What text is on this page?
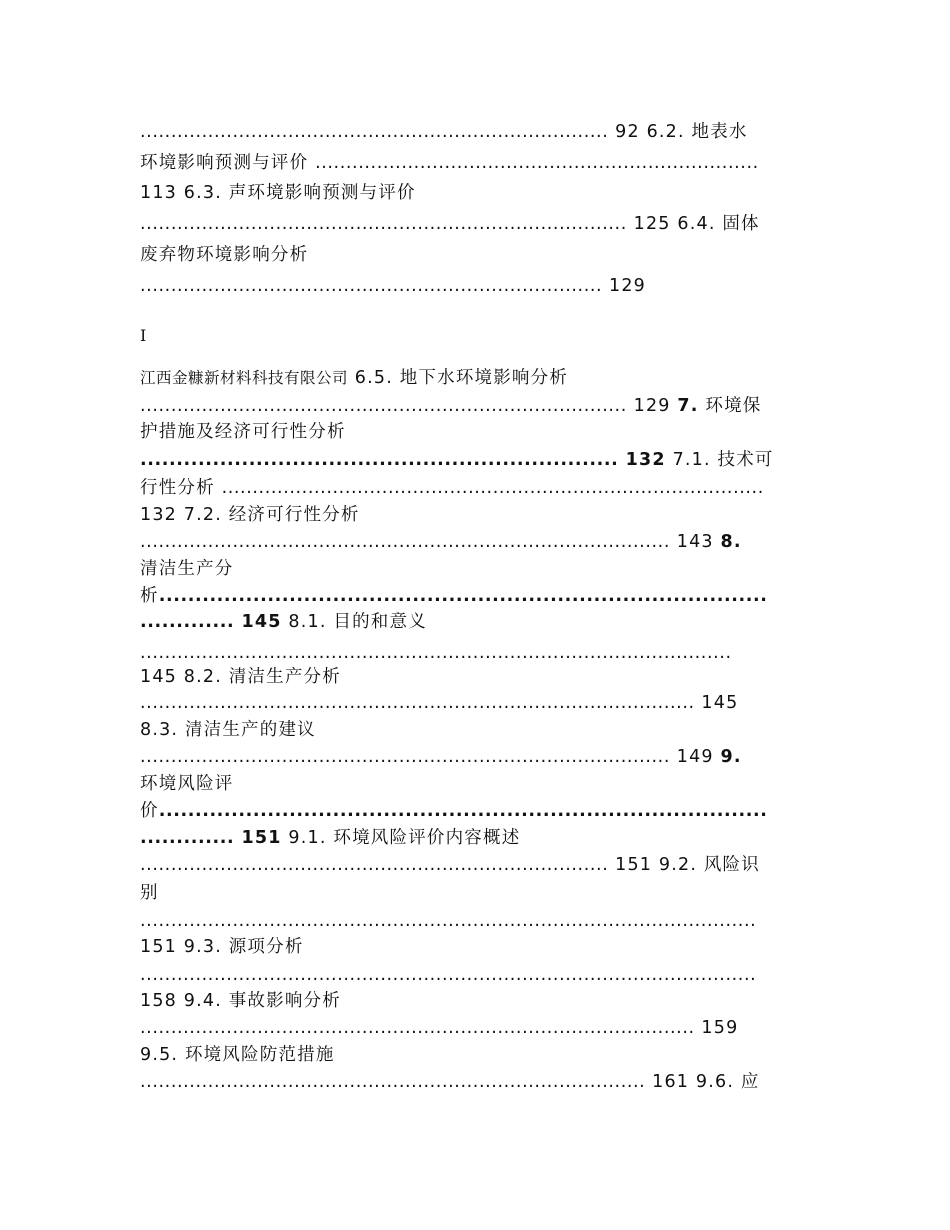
............................................................................ 92 6.2. 地表水
环境影响预测与评价 ........................................................................
113 6.3. 声环境影响预测与评价
............................................................................... 125 6.4. 固体
废弃物环境影响分析
........................................................................... 129
江西金糠新材料科技有限公司 6.5. 地下水环境影响分析
............................................................................... 129 7. 环境保
护措施及经济可行性分析
.................................................................. 132 7.1. 技术可
行性分析 ........................................................................................
132 7.2. 经济可行性分析
...................................................................................... 143 8.
清洁生产分
析....................................................................................
............. 145 8.1. 目的和意义
................................................................................................
145 8.2. 清洁生产分析
.......................................................................................... 145
8.3. 清洁生产的建议
...................................................................................... 149 9.
环境风险评
价....................................................................................
............. 151 9.1. 环境风险评价内容概述
............................................................................ 151 9.2. 风险识
别
....................................................................................................
151 9.3. 源项分析
....................................................................................................
158 9.4. 事故影响分析
.......................................................................................... 159
9.5. 环境风险防范措施
.................................................................................. 161 9.6. 应
I
